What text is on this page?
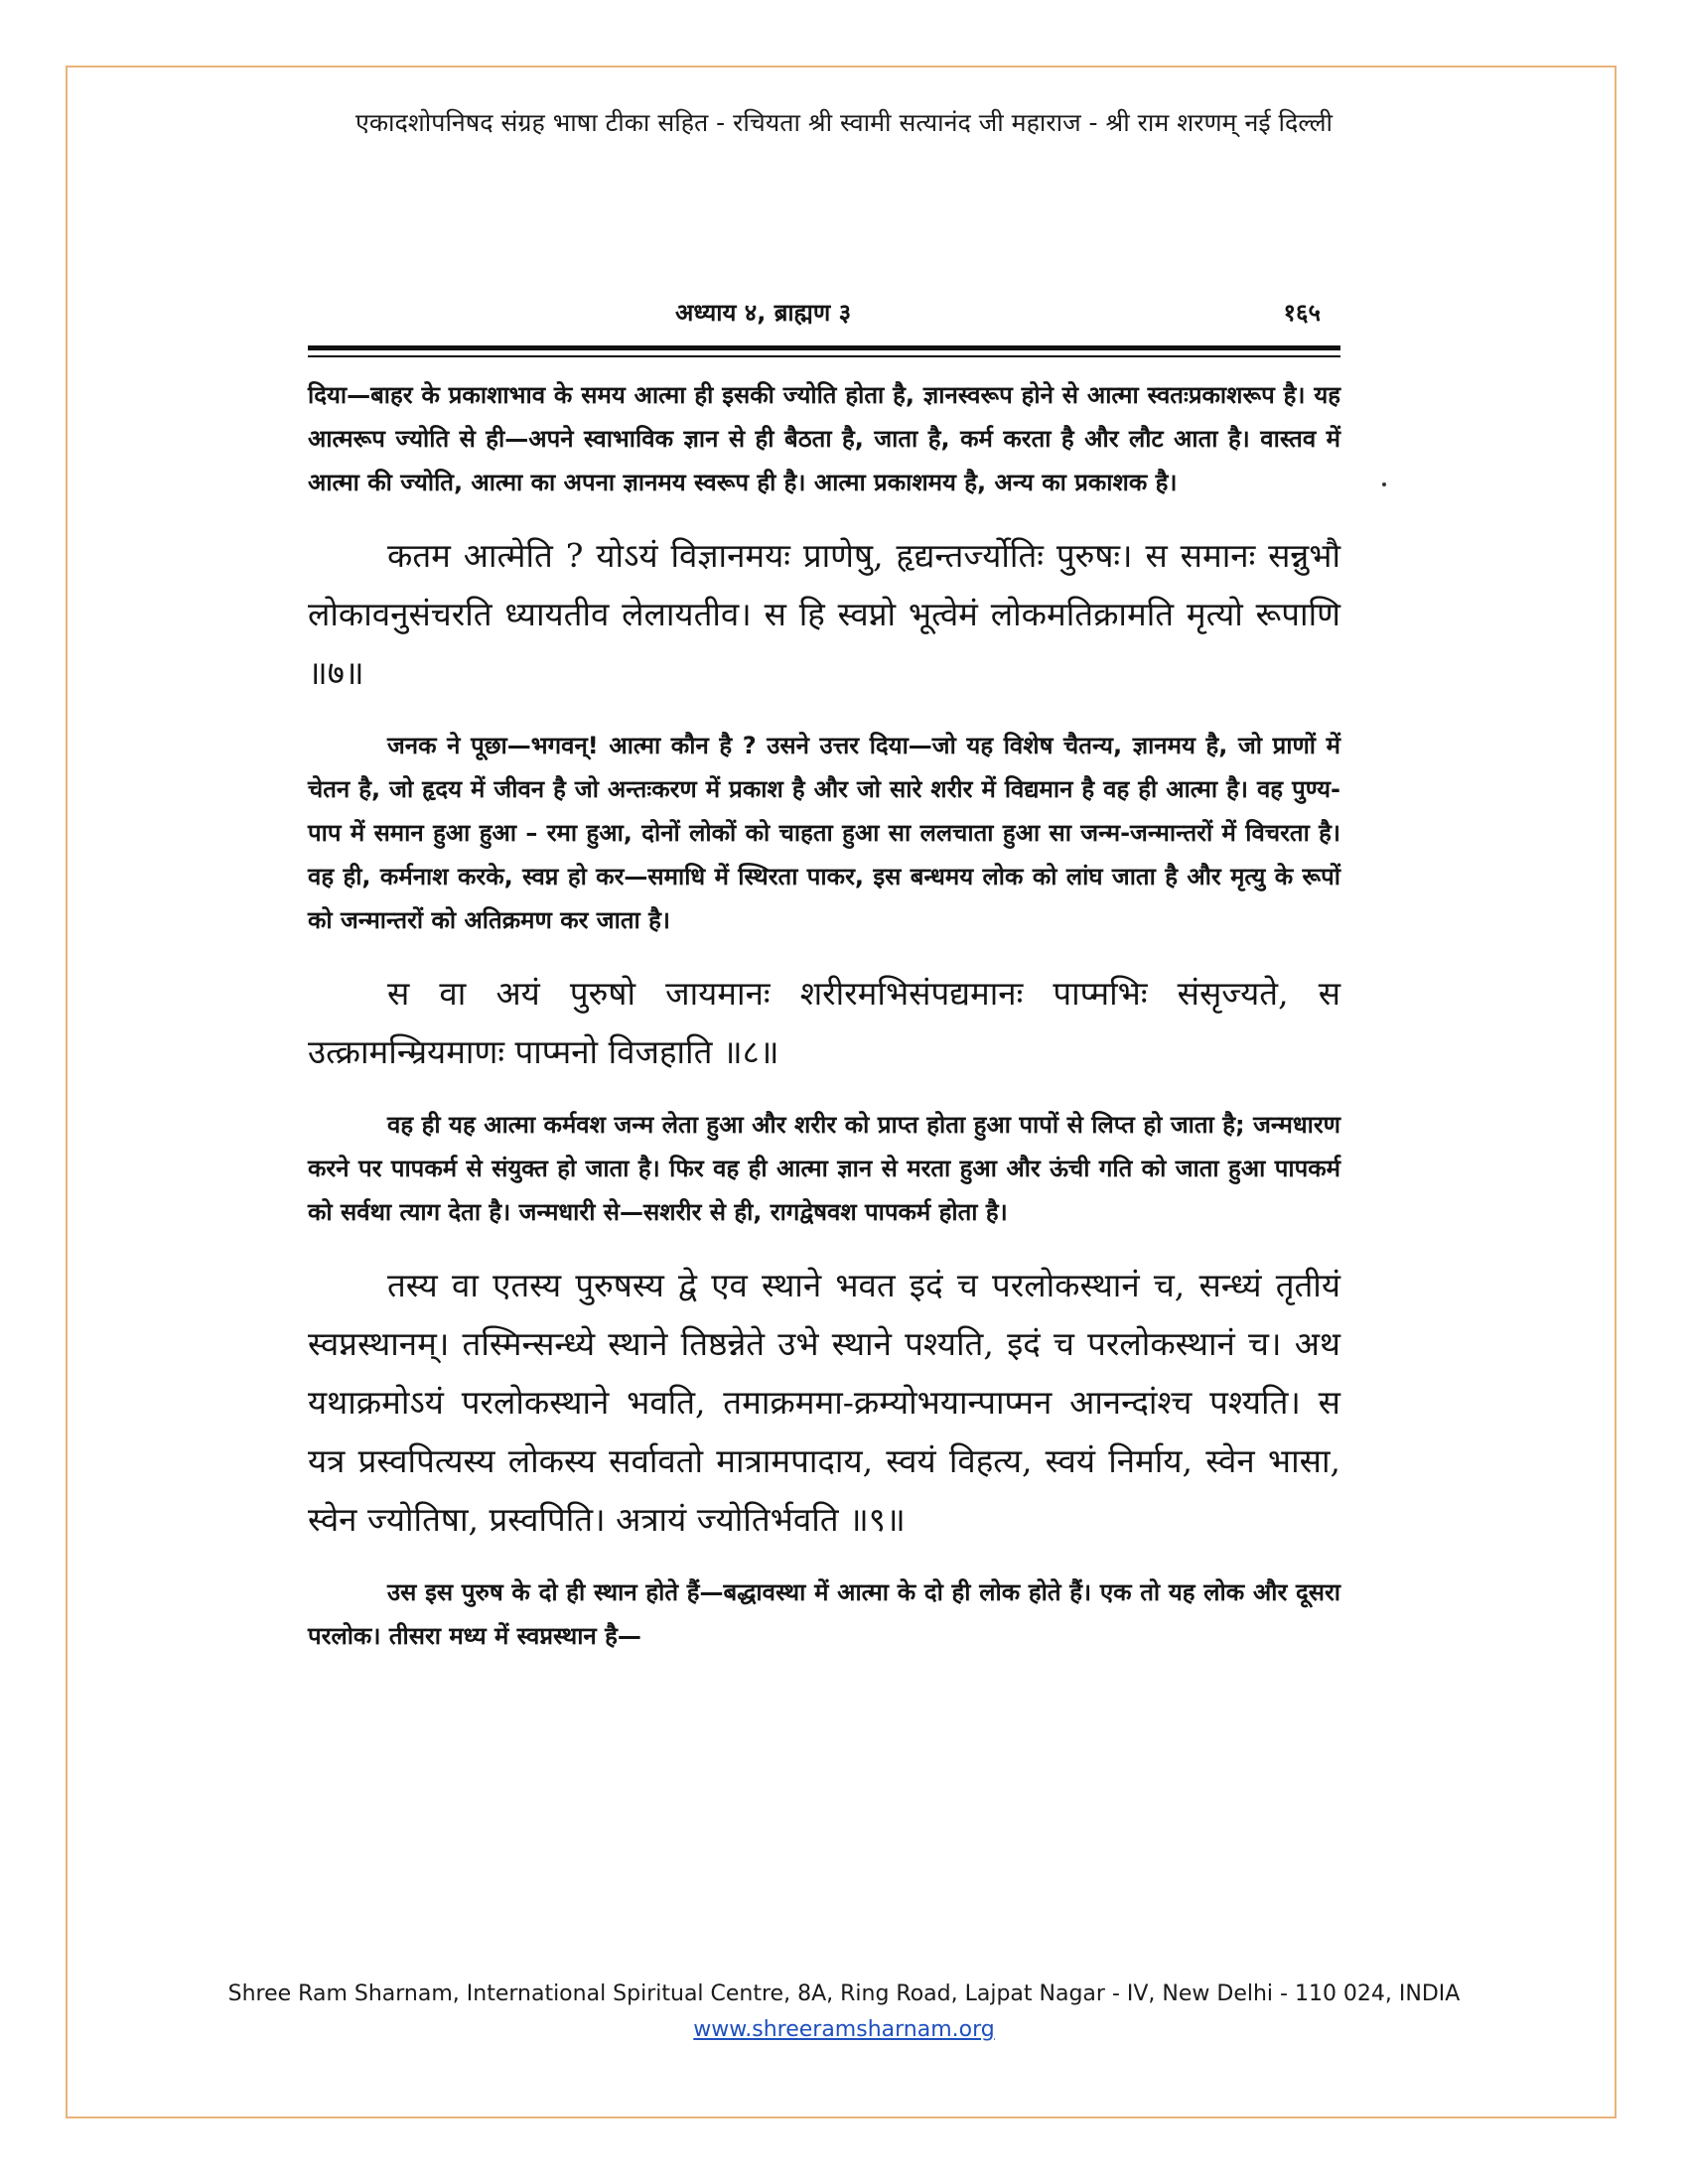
एकादशोपनिषद संग्रह भाषा टीका सहित - रचियता श्री स्वामी सत्यानंद जी महाराज - श्री राम शरणम् नई दिल्ली
अध्याय ४, ब्राह्मण ३	१६५

दिया—बाहर के प्रकाशाभाव के समय आत्मा ही इसकी ज्योति होता है, ज्ञानस्वरूप होने से आत्मा स्वतःप्रकाशरूप है। यह आत्मरूप ज्योति से ही—अपने स्वाभाविक ज्ञान से ही बैठता है, जाता है, कर्म करता है और लौट आता है। वास्तव में आत्मा की ज्योति, आत्मा का अपना ज्ञानमय स्वरूप ही है। आत्मा प्रकाशमय है, अन्य का प्रकाशक है।

कतम आत्मेति ? योऽयं विज्ञानमयः प्राणेषु, हृद्यन्तर्ज्योतिः पुरुषः। स समानः सन्नुभौ लोकावनुसंचरति ध्यायतीव लेलायतीव। स हि स्वप्नो भूत्वेमं लोकमतिक्रामति मृत्यो रूपाणि ॥७॥

जनक ने पूछा—भगवन्! आत्मा कौन है ? उसने उत्तर दिया—जो यह विशेष चैतन्य, ज्ञानमय है, जो प्राणों में चेतन है, जो हृदय में जीवन है जो अन्तःकरण में प्रकाश है और जो सारे शरीर में विद्यमान है वह ही आत्मा है। वह पुण्य-पाप में समान हुआ हुआ – रमा हुआ, दोनों लोकों को चाहता हुआ सा ललचाता हुआ सा जन्म-जन्मान्तरों में विचरता है। वह ही, कर्मनाश करके, स्वप्न हो कर—समाधि में स्थिरता पाकर, इस बन्धमय लोक को लांघ जाता है और मृत्यु के रूपों को जन्मान्तरों को अतिक्रमण कर जाता है।

स वा अयं पुरुषो जायमानः शरीरमभिसंपद्यमानः पाप्मभिः संसृज्यते, स उत्क्रामन्म्रियमाणः पाप्मनो विजहाति ॥८॥

वह ही यह आत्मा कर्मवश जन्म लेता हुआ और शरीर को प्राप्त होता हुआ पापों से लिप्त हो जाता है; जन्मधारण करने पर पापकर्म से संयुक्त हो जाता है। फिर वह ही आत्मा ज्ञान से मरता हुआ और ऊंची गति को जाता हुआ पापकर्म को सर्वथा त्याग देता है। जन्मधारी से—सशरीर से ही, रागद्वेषवश पापकर्म होता है।

तस्य वा एतस्य पुरुषस्य द्वे एव स्थाने भवत इदं च परलोकस्थानं च, सन्ध्यं तृतीयं स्वप्नस्थानम्। तस्मिन्सन्ध्ये स्थाने तिष्ठन्नेते उभे स्थाने पश्यति, इदं च परलोकस्थानं च। अथ यथाक्रमोऽयं परलोकस्थाने भवति, तमाक्रममा-क्रम्योभयान्पाप्मन आनन्दांश्च पश्यति। स यत्र प्रस्वपित्यस्य लोकस्य सर्वावतो मात्रामपादाय, स्वयं विहत्य, स्वयं निर्माय, स्वेन भासा, स्वेन ज्योतिषा, प्रस्वपिति। अत्रायं ज्योतिर्भवति ॥९॥

उस इस पुरुष के दो ही स्थान होते हैं—बद्धावस्था में आत्मा के दो ही लोक होते हैं। एक तो यह लोक और दूसरा परलोक। तीसरा मध्य में स्वप्नस्थान है—

Shree Ram Sharnam, International Spiritual Centre, 8A, Ring Road, Lajpat Nagar - IV, New Delhi - 110 024, INDIA
www.shreeramsharnam.org
